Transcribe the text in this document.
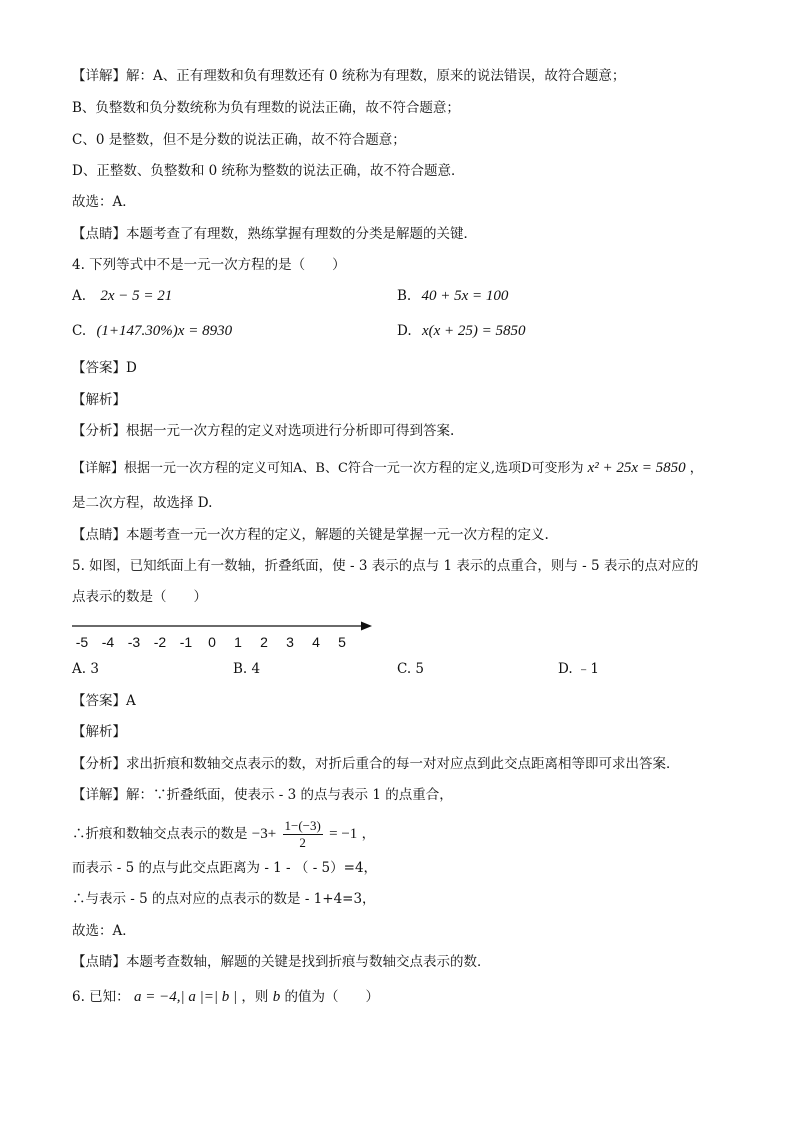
【详解】解：A、正有理数和负有理数还有 0 统称为有理数，原来的说法错误，故符合题意；
B、负整数和负分数统称为负有理数的说法正确，故不符合题意；
C、0 是整数，但不是分数的说法正确，故不符合题意；
D、正整数、负整数和 0 统称为整数的说法正确，故不符合题意．
故选：A．
【点睛】本题考查了有理数，熟练掌握有理数的分类是解题的关键．
4. 下列等式中不是一元一次方程的是（　　）
A. 2x − 5 = 21	B. 40 + 5x = 100
C. (1+147.30%)x = 8930	D. x(x + 25) = 5850
【答案】D
【解析】
【分析】根据一元一次方程的定义对选项进行分析即可得到答案.
【详解】根据一元一次方程的定义可知A、B、C符合一元一次方程的定义,选项D可变形为 x² + 25x = 5850 ，
是二次方程，故选择 D.
【点睛】本题考查一元一次方程的定义，解题的关键是掌握一元一次方程的定义.
5. 如图，已知纸面上有一数轴，折叠纸面，使 - 3 表示的点与 1 表示的点重合，则与 - 5 表示的点对应的
点表示的数是（　　）
-5 -4 -3 -2 -1 0 1 2 3 4 5
A. 3	B. 4	C. 5	D. ﹣1
【答案】A
【解析】
【分析】求出折痕和数轴交点表示的数，对折后重合的每一对对应点到此交点距离相等即可求出答案．
【详解】解：∵折叠纸面，使表示 - 3 的点与表示 1 的点重合，
∴折痕和数轴交点表示的数是 $-3+ \frac{1-(-3)}{2} = -1$ ，
而表示 - 5 的点与此交点距离为 - 1 - （ - 5）=4，
∴与表示 - 5 的点对应的点表示的数是 - 1+4=3，
故选：A．
【点睛】本题考查数轴，解题的关键是找到折痕与数轴交点表示的数．
6. 已知： a = −4,| a |=| b | ，则 b 的值为（　　）
